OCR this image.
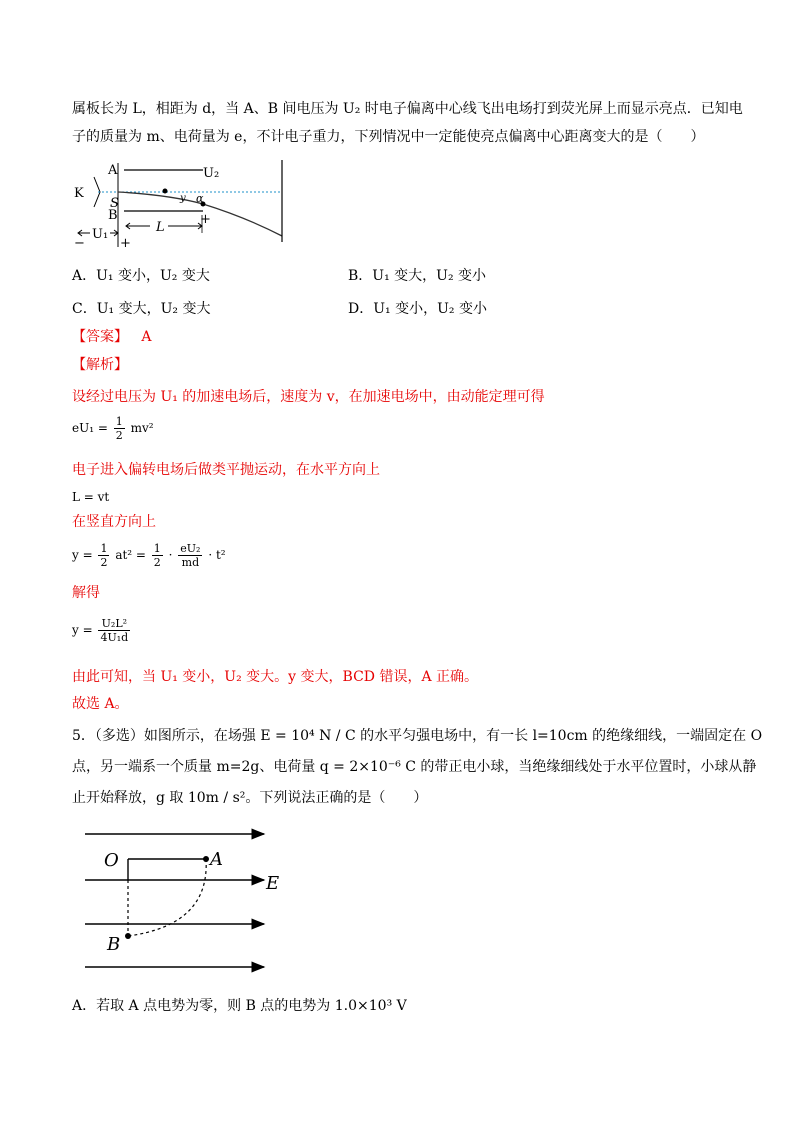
属板长为 L，相距为 d，当 A、B 间电压为 U₂ 时电子偏离中心线飞出电场打到荧光屏上而显示亮点．已知电
子的质量为 m、电荷量为 e，不计电子重力，下列情况中一定能使亮点偏离中心距离变大的是（　　）
K
S
A	U₂
B	+
y α
L
U₁
−	+
A．U₁ 变小，U₂ 变大	B．U₁ 变大，U₂ 变小
C．U₁ 变大，U₂ 变大	D．U₁ 变小，U₂ 变小
【答案】 A
【解析】
设经过电压为 U₁ 的加速电场后，速度为 v，在加速电场中，由动能定理可得
$eU_1 = \frac{1}{2} mv^2$
电子进入偏转电场后做类平抛运动，在水平方向上
L = vt
在竖直方向上
$y = \frac{1}{2} at^2 = \frac{1}{2} \cdot \frac{\text{eU₂}}{md} \cdot t^2$
解得
$y = \frac{\text{U₂L²}}{\text{4U₁d}}$
由此可知，当 U₁ 变小，U₂ 变大。y 变大，BCD 错误，A 正确。
故选 A。
5．（多选）如图所示，在场强 E = 10⁴ N / C 的水平匀强电场中，有一长 l=10cm 的绝缘细线，一端固定在 O
点，另一端系一个质量 m=2g、电荷量 q = 2×10⁻⁶ C 的带正电小球，当绝缘细线处于水平位置时，小球从静
止开始释放，g 取 10m / s²。下列说法正确的是（　　）
O	A
E
B
A．若取 A 点电势为零，则 B 点的电势为 1.0×10³ V
